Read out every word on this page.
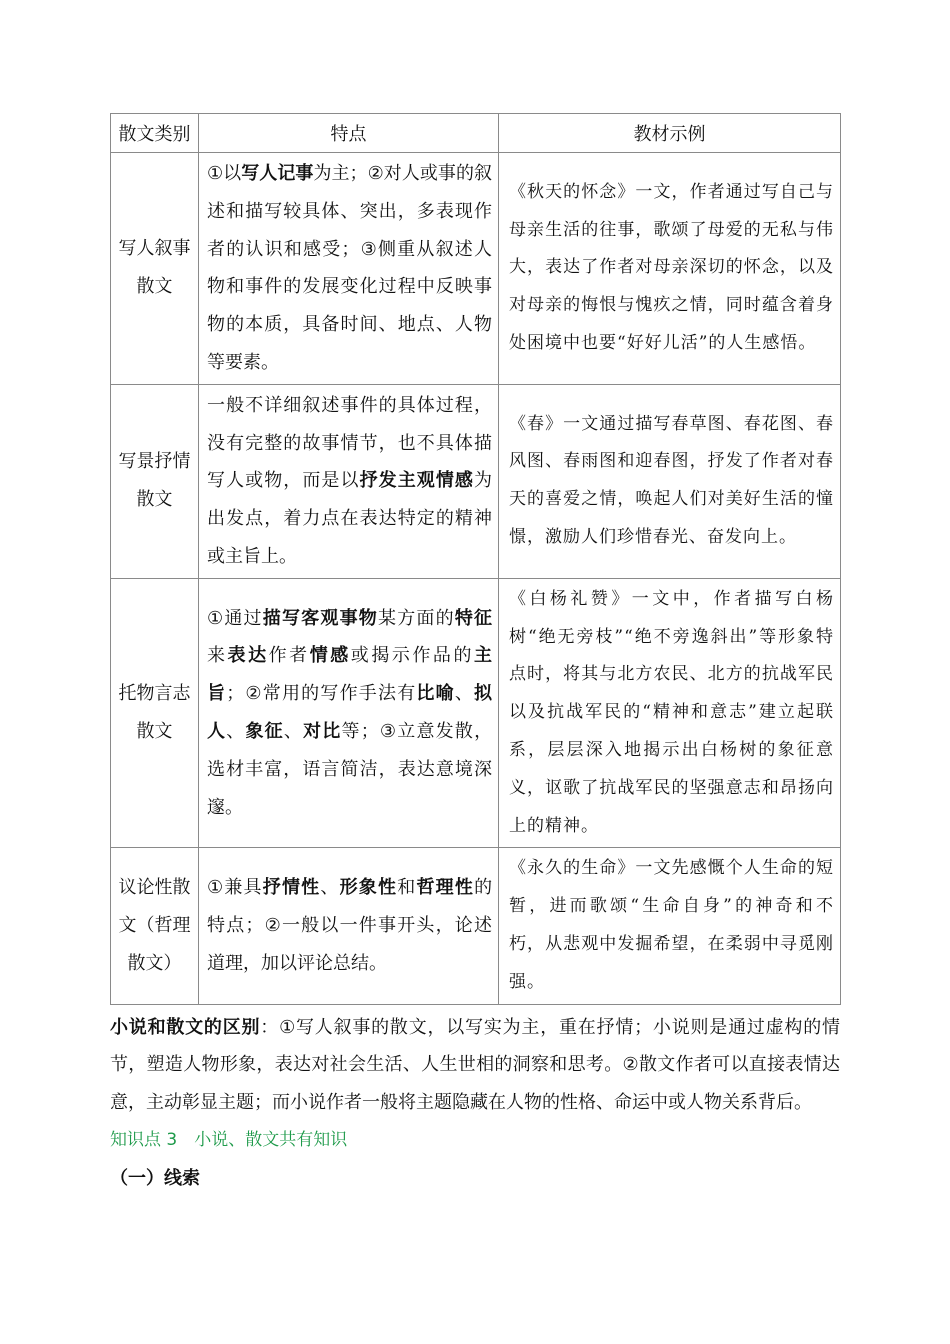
散文类别	特点	教材示例
写人叙事散文	①以写人记事为主；②对人或事的叙述和描写较具体、突出，多表现作者的认识和感受；③侧重从叙述人物和事件的发展变化过程中反映事物的本质，具备时间、地点、人物等要素。	《秋天的怀念》一文，作者通过写自己与母亲生活的往事，歌颂了母爱的无私与伟大，表达了作者对母亲深切的怀念，以及对母亲的悔恨与愧疚之情，同时蕴含着身处困境中也要“好好儿活”的人生感悟。
写景抒情散文	一般不详细叙述事件的具体过程，没有完整的故事情节，也不具体描写人或物，而是以抒发主观情感为出发点，着力点在表达特定的精神或主旨上。	《春》一文通过描写春草图、春花图、春风图、春雨图和迎春图，抒发了作者对春天的喜爱之情，唤起人们对美好生活的憧憬，激励人们珍惜春光、奋发向上。
托物言志散文	①通过描写客观事物某方面的特征来表达作者情感或揭示作品的主旨；②常用的写作手法有比喻、拟人、象征、对比等；③立意发散，选材丰富，语言简洁，表达意境深邃。	《白杨礼赞》一文中，作者描写白杨树“绝无旁枝”“绝不旁逸斜出”等形象特点时，将其与北方农民、北方的抗战军民以及抗战军民的“精神和意志”建立起联系，层层深入地揭示出白杨树的象征意义，讴歌了抗战军民的坚强意志和昂扬向上的精神。
议论性散文（哲理散文）	①兼具抒情性、形象性和哲理性的特点；②一般以一件事开头，论述道理，加以评论总结。	《永久的生命》一文先感慨个人生命的短暂，进而歌颂“生命自身”的神奇和不朽，从悲观中发掘希望，在柔弱中寻觅刚强。
小说和散文的区别：①写人叙事的散文，以写实为主，重在抒情；小说则是通过虚构的情节，塑造人物形象，表达对社会生活、人生世相的洞察和思考。②散文作者可以直接表情达意，主动彰显主题；而小说作者一般将主题隐藏在人物的性格、命运中或人物关系背后。
知识点 3　小说、散文共有知识
（一）线索
